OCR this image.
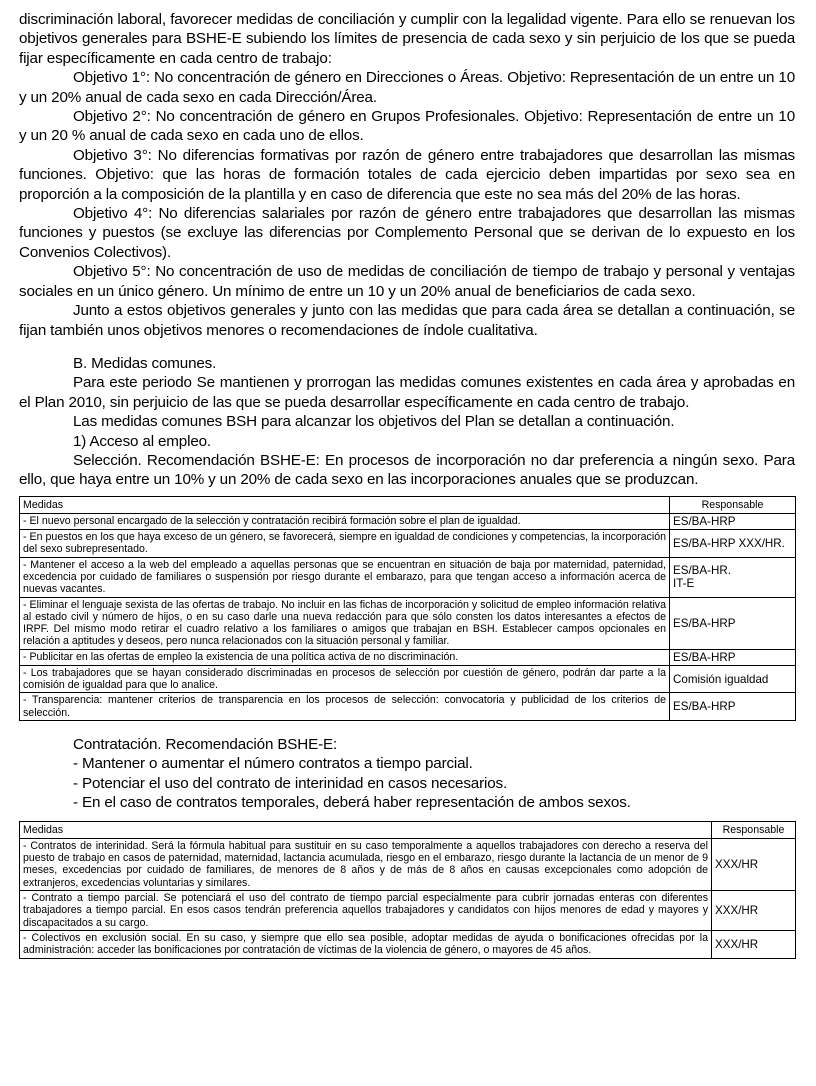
discriminación laboral, favorecer medidas de conciliación y cumplir con la legalidad vigente. Para ello se renuevan los objetivos generales para BSHE-E subiendo los límites de presencia de cada sexo y sin perjuicio de los que se pueda fijar específicamente en cada centro de trabajo:

Objetivo 1°: No concentración de género en Direcciones o Áreas. Objetivo: Representación de un entre un 10 y un 20% anual de cada sexo en cada Dirección/Área.

Objetivo 2°: No concentración de género en Grupos Profesionales. Objetivo: Representación de entre un 10 y un 20 % anual de cada sexo en cada uno de ellos.

Objetivo 3°: No diferencias formativas por razón de género entre trabajadores que desarrollan las mismas funciones. Objetivo: que las horas de formación totales de cada ejercicio deben impartidas por sexo sea en proporción a la composición de la plantilla y en caso de diferencia que este no sea más del 20% de las horas.

Objetivo 4°: No diferencias salariales por razón de género entre trabajadores que desarrollan las mismas funciones y puestos (se excluye las diferencias por Complemento Personal que se derivan de lo expuesto en los Convenios Colectivos).

Objetivo 5°: No concentración de uso de medidas de conciliación de tiempo de trabajo y personal y ventajas sociales en un único género. Un mínimo de entre un 10 y un 20% anual de beneficiarios de cada sexo.

Junto a estos objetivos generales y junto con las medidas que para cada área se detallan a continuación, se fijan también unos objetivos menores o recomendaciones de índole cualitativa.

B. Medidas comunes.

Para este periodo Se mantienen y prorrogan las medidas comunes existentes en cada área y aprobadas en el Plan 2010, sin perjuicio de las que se pueda desarrollar específicamente en cada centro de trabajo.

Las medidas comunes BSH para alcanzar los objetivos del Plan se detallan a continuación.

1) Acceso al empleo.

Selección. Recomendación BSHE-E: En procesos de incorporación no dar preferencia a ningún sexo. Para ello, que haya entre un 10% y un 20% de cada sexo en las incorporaciones anuales que se produzcan.

Medidas	Responsable
- El nuevo personal encargado de la selección y contratación recibirá formación sobre el plan de igualdad.	ES/BA-HRP
- En puestos en los que haya exceso de un género, se favorecerá, siempre en igualdad de condiciones y competencias, la incorporación del sexo subrepresentado.	ES/BA-HRP XXX/HR.
- Mantener el acceso a la web del empleado a aquellas personas que se encuentran en situación de baja por maternidad, paternidad, excedencia por cuidado de familiares o suspensión por riesgo durante el embarazo, para que tengan acceso a información acerca de nuevas vacantes.	ES/BA-HR.
IT-E
- Eliminar el lenguaje sexista de las ofertas de trabajo. No incluir en las fichas de incorporación y solicitud de empleo información relativa al estado civil y número de hijos, o en su caso darle una nueva redacción para que sólo consten los datos interesantes a efectos de IRPF. Del mismo modo retirar el cuadro relativo a los familiares o amigos que trabajan en BSH. Establecer campos opcionales en relación a aptitudes y deseos, pero nunca relacionados con la situación personal y familiar.	ES/BA-HRP
- Publicitar en las ofertas de empleo la existencia de una política activa de no discriminación.	ES/BA-HRP
- Los trabajadores que se hayan considerado discriminadas en procesos de selección por cuestión de género, podrán dar parte a la comisión de igualdad para que lo analice.	Comisión igualdad
- Transparencia: mantener criterios de transparencia en los procesos de selección: convocatoria y publicidad de los criterios de selección.	ES/BA-HRP

Contratación. Recomendación BSHE-E:

- Mantener o aumentar el número contratos a tiempo parcial.

- Potenciar el uso del contrato de interinidad en casos necesarios.

- En el caso de contratos temporales, deberá haber representación de ambos sexos.

Medidas	Responsable
- Contratos de interinidad. Será la fórmula habitual para sustituir en su caso temporalmente a aquellos trabajadores con derecho a reserva del puesto de trabajo en casos de paternidad, maternidad, lactancia acumulada, riesgo en el embarazo, riesgo durante la lactancia de un menor de 9 meses, excedencias por cuidado de familiares, de menores de 8 años y de más de 8 años en causas excepcionales como adopción de extranjeros, excedencias voluntarias y similares.	XXX/HR
- Contrato a tiempo parcial. Se potenciará el uso del contrato de tiempo parcial especialmente para cubrir jornadas enteras con diferentes trabajadores a tiempo parcial. En esos casos tendrán preferencia aquellos trabajadores y candidatos con hijos menores de edad y mayores y discapacitados a su cargo.	XXX/HR
- Colectivos en exclusión social. En su caso, y siempre que ello sea posible, adoptar medidas de ayuda o bonificaciones ofrecidas por la administración: acceder las bonificaciones por contratación de víctimas de la violencia de género, o mayores de 45 años.	XXX/HR
